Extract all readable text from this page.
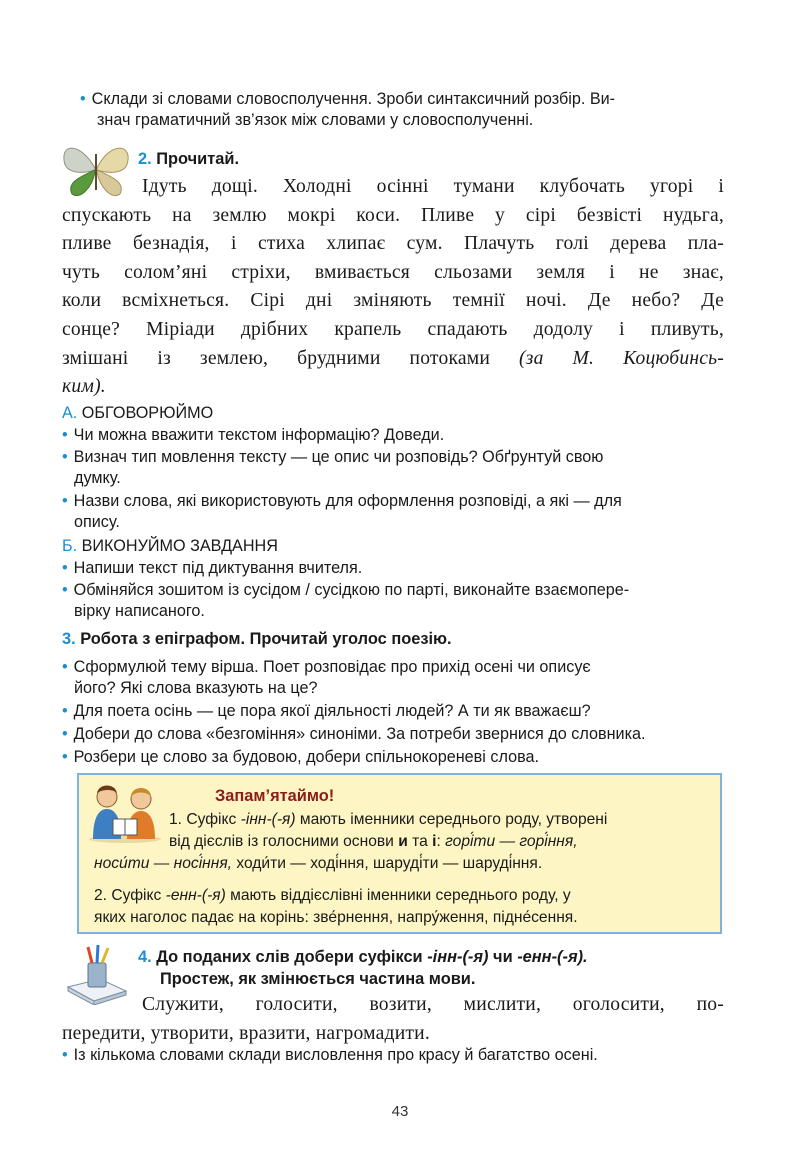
• Склади зі словами словосполучення. Зроби синтаксичний розбір. Ви-
знач граматичний зв’язок між словами у словосполученні.
2. Прочитай.
Ідуть дощі. Холодні осінні тумани клубочать угорі і
спускають на землю мокрі коси. Пливе у сірі безвісті нудьга,
пливе безнадія, і стиха хлипає сум. Плачуть голі дерева пла-
чуть солом’яні стріхи, вмивається сльозами земля і не знає,
коли всміхнеться. Сірі дні зміняють темнії ночі. Де небо? Де
сонце? Міріади дрібних крапель спадають додолу і пливуть,
змішані із землею, брудними потоками (за М. Коцюбинсь-
ким).
А. ОБГОВОРЮЙМО
• Чи можна вважити текстом інформацію? Доведи.
• Визнач тип мовлення тексту — це опис чи розповідь? Обґрунтуй свою
думку.
• Назви слова, які використовують для оформлення розповіді, а які — для
опису.
Б. ВИКОНУЙМО ЗАВДАННЯ
• Напиши текст під диктування вчителя.
• Обміняйся зошитом із сусідом / сусідкою по парті, виконайте взаємопере-
вірку написаного.
3. Робота з епіграфом. Прочитай уголос поезію.
• Сформулюй тему вірша. Поет розповідає про прихід осені чи описує
його? Які слова вказують на це?
• Для поета осінь — це пора якої діяльності людей? А ти як вважаєш?
• Добери до слова «безгоміння» синоніми. За потреби звернися до словника.
• Розбери це слово за будовою, добери спільнокореневі слова.
Запам’ятаймо!

1. Суфікс -інн-(-я) мають іменники середнього роду, утворені

від дієслів із голосними основи и та і: горі́ти — горі́ння,

носи́ти — носі́ння, ходи́ти — ході́ння, шаруді́ти — шаруді́ння.

2. Суфікс -енн-(-я) мають віддієслівні іменники середнього роду, у

яких наголос падає на корінь: зве́рнення, напру́ження, підне́сення.

4. До поданих слів добери суфікси -інн-(-я) чи -енн-(-я).
Простеж, як змінюється частина мови.
Служити, голосити, возити, мислити, оголосити, по-
передити, утворити, вразити, нагромадити.
• Із кількома словами склади висловлення про красу й багатство осені.
43
